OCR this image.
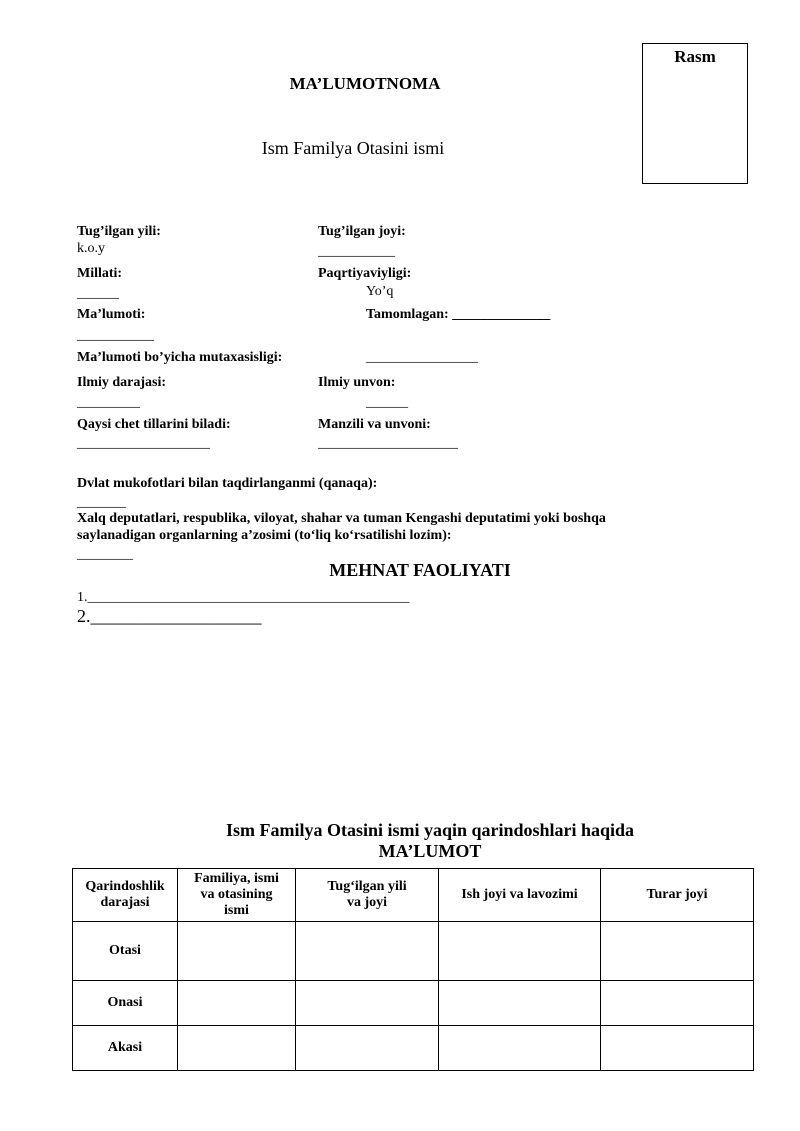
Rasm
MA’LUMOTNOMA
Ism Familya Otasini ismi
Tug’ilgan yili:
k.o.y
Tug’ilgan joyi:
___________
Millati:
______
Paqrtiyaviyligi:
Yo’q
Ma’lumoti:
___________
Tamomlagan: ______________
Ma’lumoti bo’yicha mutaxasisligi:	________________
Ilmiy darajasi:
_________
Ilmiy unvon:
______
Qaysi chet tillarini biladi:
___________________
Manzili va unvoni:
____________________
Dvlat mukofotlari bilan taqdirlanganmi (qanaqa):
_______
Xalq deputatlari, respublika, viloyat, shahar va tuman Kengashi deputatimi yoki boshqa
saylanadigan organlarning a’zosimi (to‘liq ko‘rsatilishi lozim):
________
MEHNAT FAOLIYATI
1.______________________________________________
2.___________________
Ism Familya Otasini ismi yaqin qarindoshlari haqida
MA’LUMOT
Qarindoshlik darajasi	Familiya, ismi va otasining ismi	Tug‘ilgan yili va joyi	Ish joyi va lavozimi	Turar joyi
Otasi				
Onasi				
Akasi				
